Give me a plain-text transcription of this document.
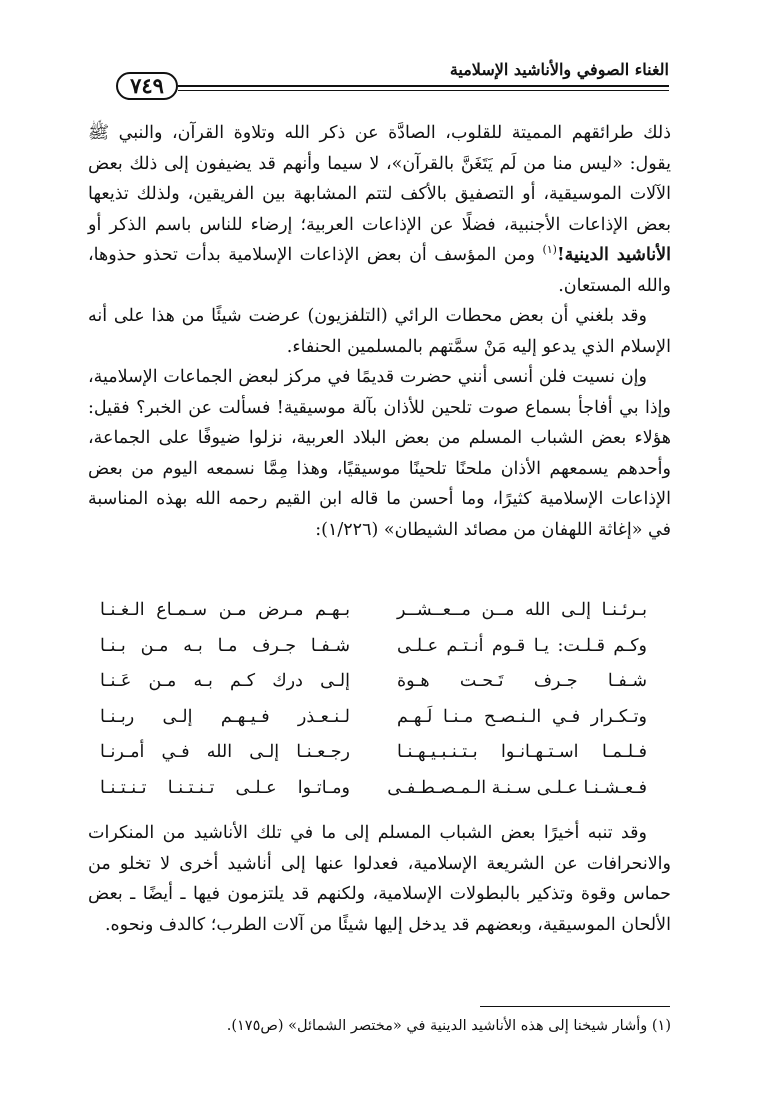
٧٤٩
الغناء الصوفي والأناشيد الإسلامية

ذلك طرائقهم المميتة للقلوب، الصادَّة عن ذكر الله وتلاوة القرآن، والنبي ﷺ يقول: «ليس منا من لَم يَتَغَنَّ بالقرآن»، لا سيما وأنهم قد يضيفون إلى ذلك بعض الآلات الموسيقية، أو التصفيق بالأكف لتتم المشابهة بين الفريقين، ولذلك تذيعها بعض الإذاعات الأجنبية، فضلًا عن الإذاعات العربية؛ إرضاء للناس باسم الذكر أو الأناشيد الدينية!$^{(١)}$ ومن المؤسف أن بعض الإذاعات الإسلامية بدأت تحذو حذوها، والله المستعان.

وقد بلغني أن بعض محطات الرائي (التلفزيون) عرضت شيئًا من هذا على أنه الإسلام الذي يدعو إليه مَنْ سمَّتهم بالمسلمين الحنفاء.

وإن نسيت فلن أنسى أنني حضرت قديمًا في مركز لبعض الجماعات الإسلامية، وإذا بي أفاجأ بسماع صوت تلحين للأذان بآلة موسيقية! فسألت عن الخبر؟ فقيل: هؤلاء بعض الشباب المسلم من بعض البلاد العربية، نزلوا ضيوفًا على الجماعة، وأحدهم يسمعهم الأذان ملحنًا تلحينًا موسيقيًا، وهذا مِمَّا نسمعه اليوم من بعض الإذاعات الإسلامية كثيرًا، وما أحسن ما قاله ابن القيم رحمه الله بهذه المناسبة في «إغاثة اللهفان من مصائد الشيطان» (١/٢٢٦):

بـرئـنـا إلـى الله مــن مــعــشــر
بـهـم مـرض مـن سـمـاع الـغـنـا
وكـم قـلـت: يـا قـوم أنـتـم عـلـى
شـفـا جـرف مـا بـه مـن بـنـا
شـفـا جـرف تَـحـت هـوة
إلـى درك كـم بـه مـن عَـنـا
وتـكـرار فـي الـنـصـح مـنـا لَـهـم
لـنـعـذر فـيـهـم إلـى ربـنـا
فـلـمـا اسـتـهـانـوا بـتـنـبـيـهـنـا
رجـعـنـا إلـى الله فـي أمـرنـا
فـعـشـنـا عـلـى سـنـة الـمـصـطـفـى
ومـاتـوا عـلـى تـنـتـنـا تـنـتـنـا

وقد تنبه أخيرًا بعض الشباب المسلم إلى ما في تلك الأناشيد من المنكرات والانحرافات عن الشريعة الإسلامية، فعدلوا عنها إلى أناشيد أخرى لا تخلو من حماس وقوة وتذكير بالبطولات الإسلامية، ولكنهم قد يلتزمون فيها ـ أيضًا ـ بعض الألحان الموسيقية، وبعضهم قد يدخل إليها شيئًا من آلات الطرب؛ كالدف ونحوه.

(١) وأشار شيخنا إلى هذه الأناشيد الدينية في «مختصر الشمائل» (ص١٧٥).
